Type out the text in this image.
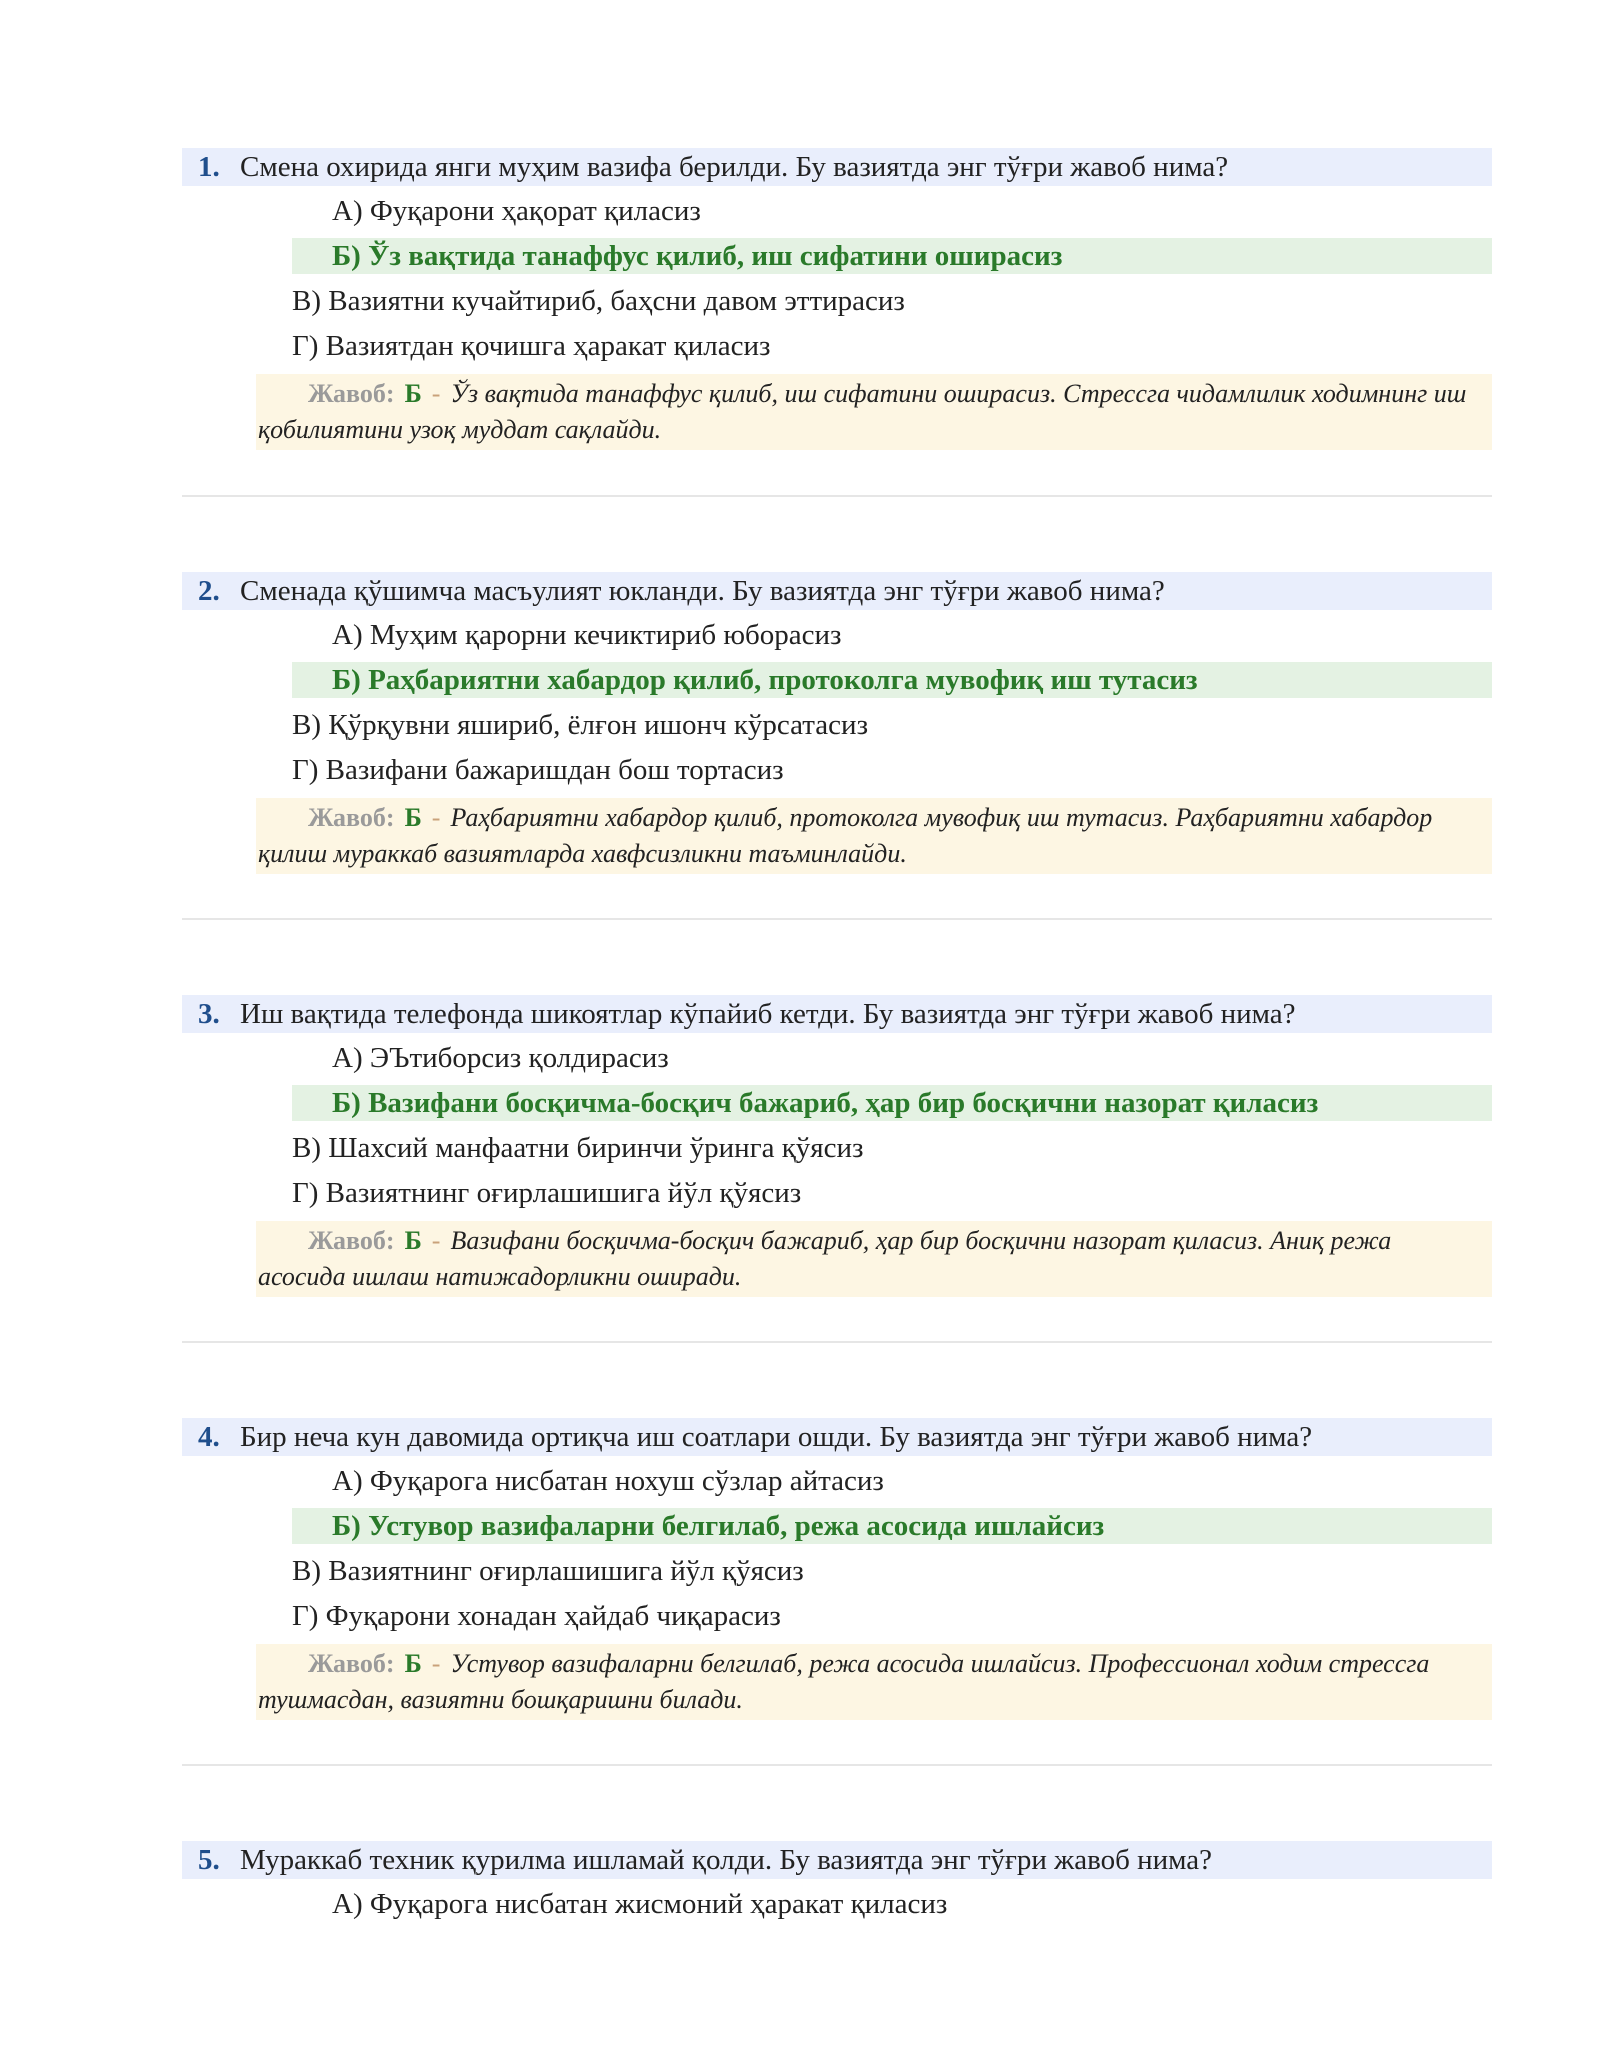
1. Смена охирида янги муҳим вазифа берилди. Бу вазиятда энг тўғри жавоб нима?
А) Фуқарони ҳақорат қиласиз
Б) Ўз вақтида танаффус қилиб, иш сифатини оширасиз
В) Вазиятни кучайтириб, баҳсни давом эттирасиз
Г) Вазиятдан қочишга ҳаракат қиласиз
Жавоб: Б - Ўз вақтида танаффус қилиб, иш сифатини оширасиз. Стрессга чидамлилик ходимнинг иш қобилиятини узоқ муддат сақлайди.
2. Сменада қўшимча масъулият юкланди. Бу вазиятда энг тўғри жавоб нима?
А) Муҳим қарорни кечиктириб юборасиз
Б) Раҳбариятни хабардор қилиб, протоколга мувофиқ иш тутасиз
В) Қўрқувни яшириб, ёлғон ишонч кўрсатасиз
Г) Вазифани бажаришдан бош тортасиз
Жавоб: Б - Раҳбариятни хабардор қилиб, протоколга мувофиқ иш тутасиз. Раҳбариятни хабардор қилиш мураккаб вазиятларда хавфсизликни таъминлайди.
3. Иш вақтида телефонда шикоятлар кўпайиб кетди. Бу вазиятда энг тўғри жавоб нима?
А) ЭЪтиборсиз қолдирасиз
Б) Вазифани босқичма-босқич бажариб, ҳар бир босқични назорат қиласиз
В) Шахсий манфаатни биринчи ўринга қўясиз
Г) Вазиятнинг оғирлашишига йўл қўясиз
Жавоб: Б - Вазифани босқичма-босқич бажариб, ҳар бир босқични назорат қиласиз. Аниқ режа асосида ишлаш натижадорликни оширади.
4. Бир неча кун давомида ортиқча иш соатлари ошди. Бу вазиятда энг тўғри жавоб нима?
А) Фуқарога нисбатан нохуш сўзлар айтасиз
Б) Устувор вазифаларни белгилаб, режа асосида ишлайсиз
В) Вазиятнинг оғирлашишига йўл қўясиз
Г) Фуқарони хонадан ҳайдаб чиқарасиз
Жавоб: Б - Устувор вазифаларни белгилаб, режа асосида ишлайсиз. Профессионал ходим стрессга тушмасдан, вазиятни бошқаришни билади.
5. Мураккаб техник қурилма ишламай қолди. Бу вазиятда энг тўғри жавоб нима?
А) Фуқарога нисбатан жисмоний ҳаракат қиласиз
